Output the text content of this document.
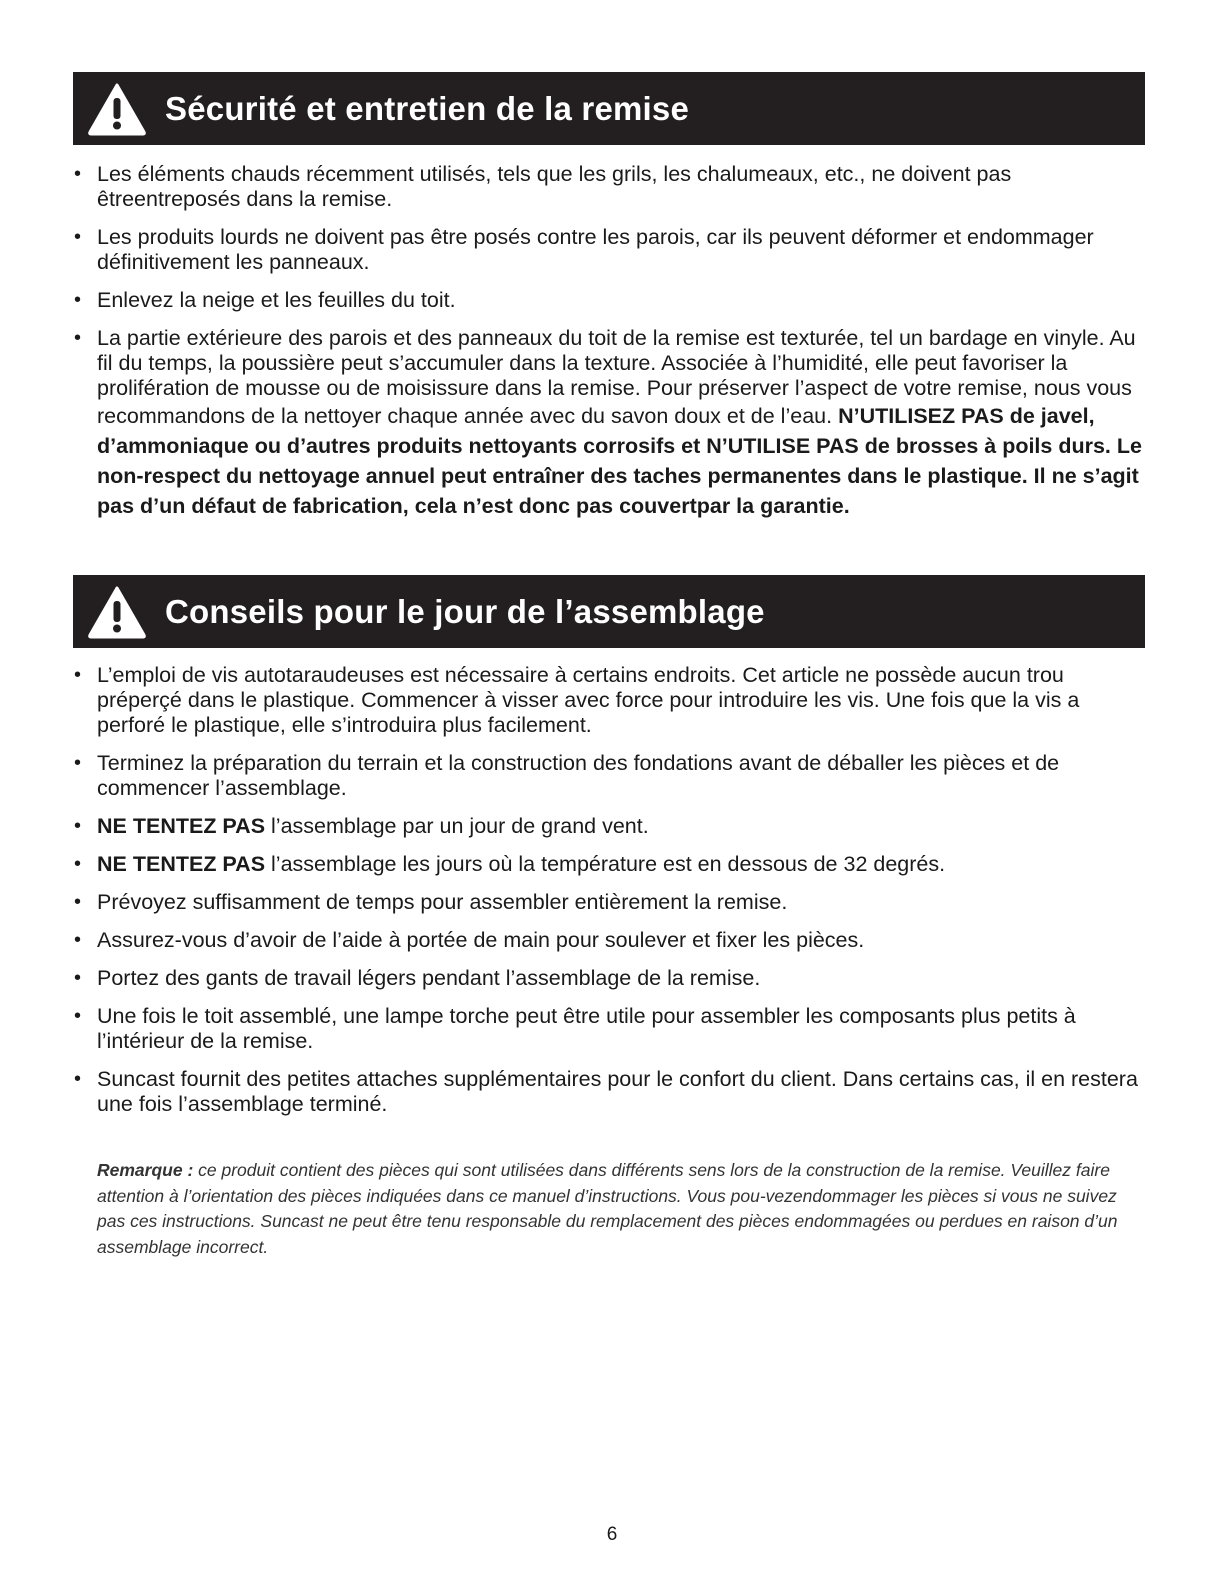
Sécurité et entretien de la remise
• Les éléments chauds récemment utilisés, tels que les grils, les chalumeaux, etc., ne doivent pas êtreentreposés dans la remise.
• Les produits lourds ne doivent pas être posés contre les parois, car ils peuvent déformer et endommager définitivement les panneaux.
• Enlevez la neige et les feuilles du toit.
• La partie extérieure des parois et des panneaux du toit de la remise est texturée, tel un bardage en vinyle. Au fil du temps, la poussière peut s’accumuler dans la texture. Associée à l’humidité, elle peut favoriser la prolifération de mousse ou de moisissure dans la remise. Pour préserver l’aspect de votre remise, nous vous recommandons de la nettoyer chaque année avec du savon doux et de l’eau. N’UTILISEZ PAS de javel, d’ammoniaque ou d’autres produits nettoyants corrosifs et N’UTILISE PAS de brosses à poils durs. Le non-respect du nettoyage annuel peut entraîner des taches permanentes dans le plastique. Il ne s’agit pas d’un défaut de fabrication, cela n’est donc pas couvertpar la garantie.
Conseils pour le jour de l’assemblage
• L’emploi de vis autotaraudeuses est nécessaire à certains endroits. Cet article ne possède aucun trou préperçé dans le plastique. Commencer à visser avec force pour introduire les vis. Une fois que la vis a perforé le plastique, elle s’introduira plus facilement.
• Terminez la préparation du terrain et la construction des fondations avant de déballer les pièces et de commencer l’assemblage.
• NE TENTEZ PAS l’assemblage par un jour de grand vent.
• NE TENTEZ PAS l’assemblage les jours où la température est en dessous de 32 degrés.
• Prévoyez suffisamment de temps pour assembler entièrement la remise.
• Assurez-vous d’avoir de l’aide à portée de main pour soulever et fixer les pièces.
• Portez des gants de travail légers pendant l’assemblage de la remise.
• Une fois le toit assemblé, une lampe torche peut être utile pour assembler les composants plus petits à l’intérieur de la remise.
• Suncast fournit des petites attaches supplémentaires pour le confort du client. Dans certains cas, il en restera une fois l’assemblage terminé.

Remarque : ce produit contient des pièces qui sont utilisées dans différents sens lors de la construction de la remise. Veuillez faire attention à l’orientation des pièces indiquées dans ce manuel d’instructions. Vous pou-vezendommager les pièces si vous ne suivez pas ces instructions. Suncast ne peut être tenu responsable du remplacement des pièces endommagées ou perdues en raison d’un assemblage incorrect.

6
